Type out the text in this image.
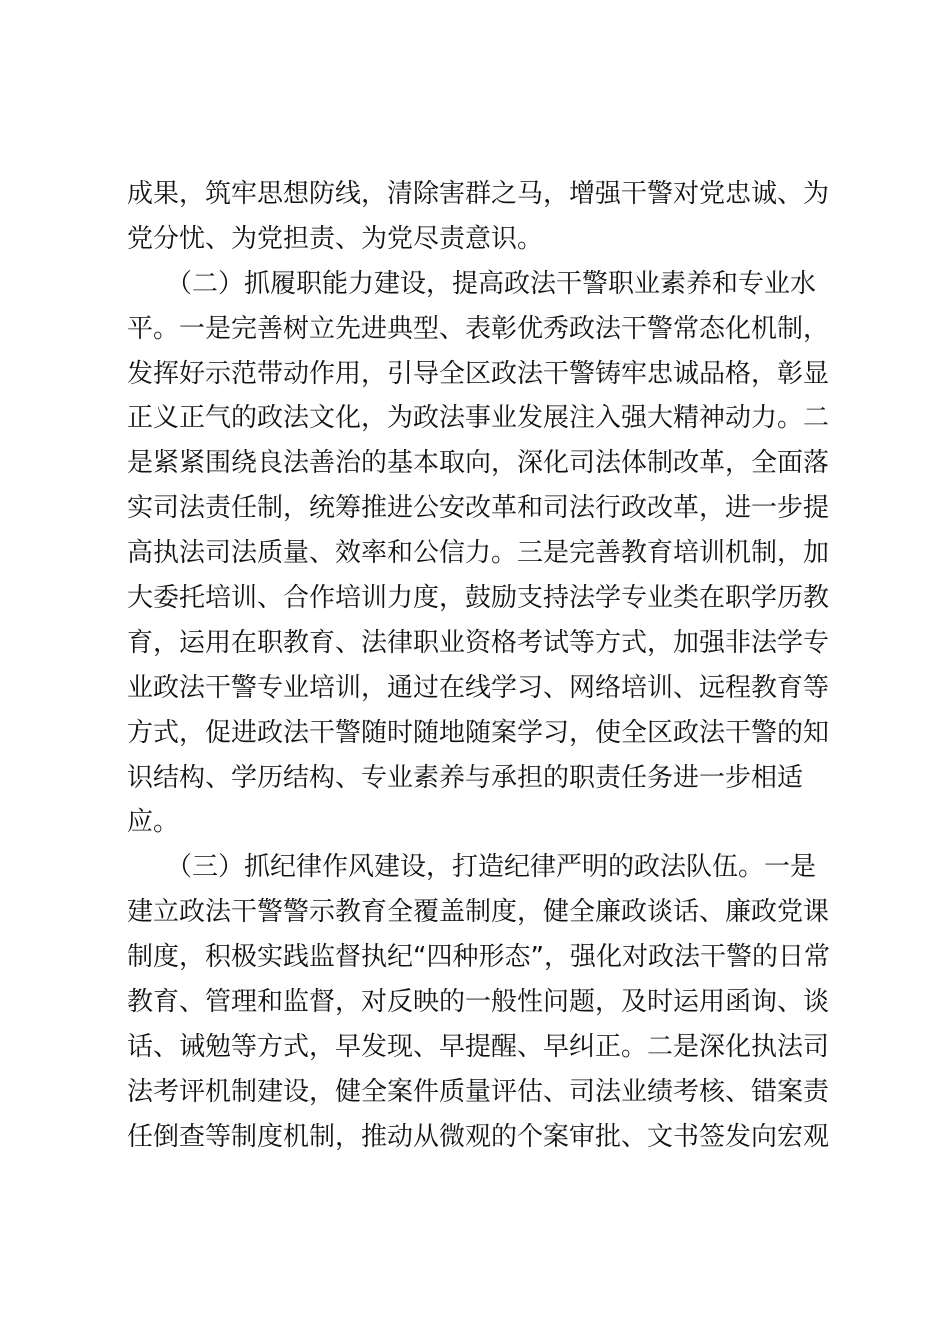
成果，筑牢思想防线，清除害群之马，增强干警对党忠诚、为
党分忧、为党担责、为党尽责意识。
　　（二）抓履职能力建设，提高政法干警职业素养和专业水
平。一是完善树立先进典型、表彰优秀政法干警常态化机制，
发挥好示范带动作用，引导全区政法干警铸牢忠诚品格，彰显
正义正气的政法文化，为政法事业发展注入强大精神动力。二
是紧紧围绕良法善治的基本取向，深化司法体制改革，全面落
实司法责任制，统筹推进公安改革和司法行政改革，进一步提
高执法司法质量、效率和公信力。三是完善教育培训机制，加
大委托培训、合作培训力度，鼓励支持法学专业类在职学历教
育，运用在职教育、法律职业资格考试等方式，加强非法学专
业政法干警专业培训，通过在线学习、网络培训、远程教育等
方式，促进政法干警随时随地随案学习，使全区政法干警的知
识结构、学历结构、专业素养与承担的职责任务进一步相适
应。
　　（三）抓纪律作风建设，打造纪律严明的政法队伍。一是
建立政法干警警示教育全覆盖制度，健全廉政谈话、廉政党课
制度，积极实践监督执纪“四种形态”，强化对政法干警的日常
教育、管理和监督，对反映的一般性问题，及时运用函询、谈
话、诫勉等方式，早发现、早提醒、早纠正。二是深化执法司
法考评机制建设，健全案件质量评估、司法业绩考核、错案责
任倒查等制度机制，推动从微观的个案审批、文书签发向宏观
